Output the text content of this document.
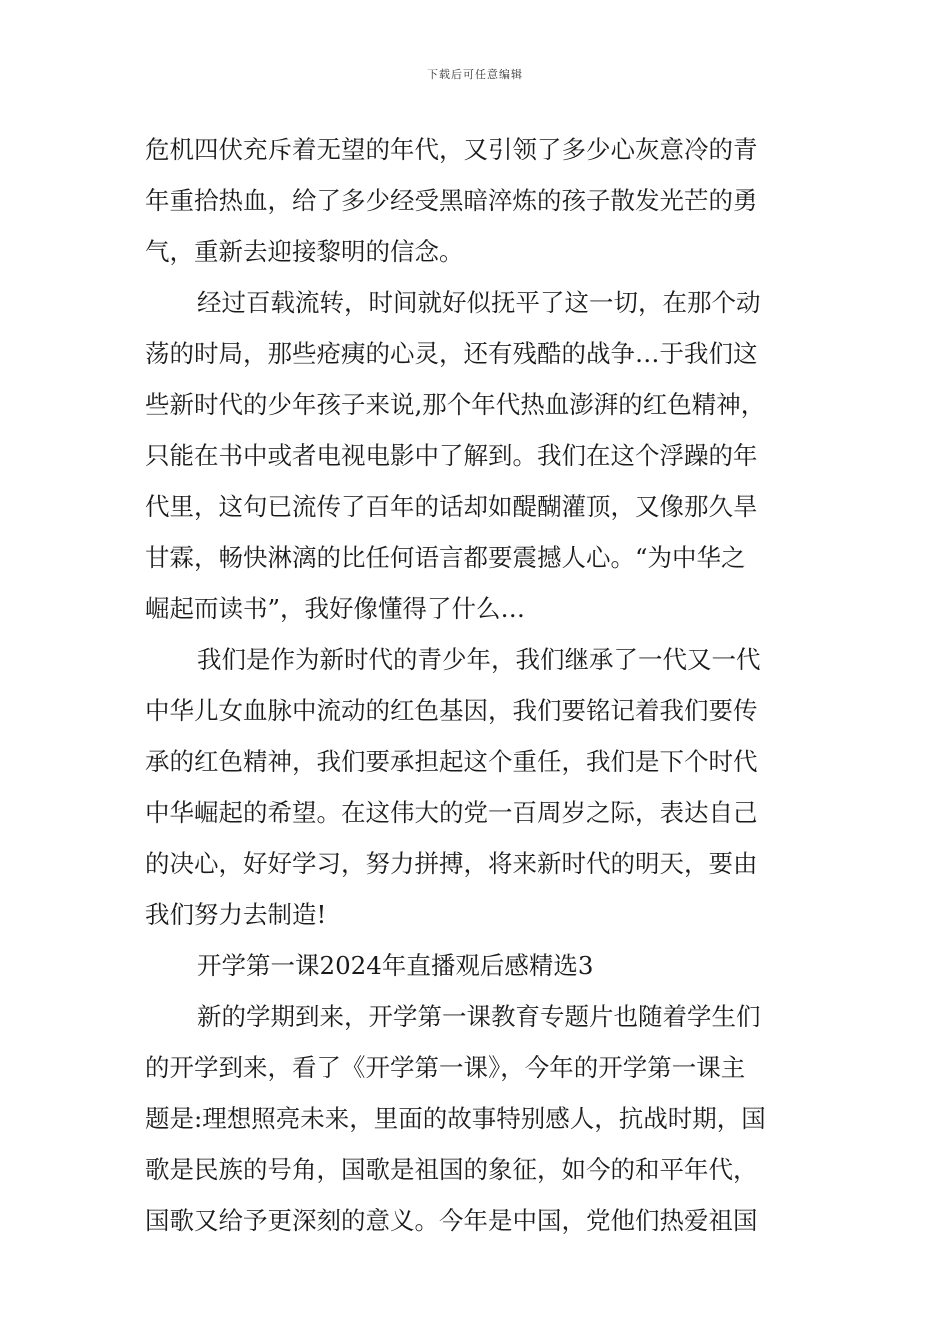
下载后可任意编辑
危机四伏充斥着无望的年代，又引领了多少心灰意冷的青
年重拾热血，给了多少经受黑暗淬炼的孩子散发光芒的勇
气，重新去迎接黎明的信念。
经过百载流转，时间就好似抚平了这一切，在那个动
荡的时局，那些疮痍的心灵，还有残酷的战争…于我们这
些新时代的少年孩子来说,那个年代热血澎湃的红色精神，
只能在书中或者电视电影中了解到。我们在这个浮躁的年
代里，这句已流传了百年的话却如醍醐灌顶，又像那久旱
甘霖，畅快淋漓的比任何语言都要震撼人心。“为中华之
崛起而读书”，我好像懂得了什么…
我们是作为新时代的青少年，我们继承了一代又一代
中华儿女血脉中流动的红色基因，我们要铭记着我们要传
承的红色精神，我们要承担起这个重任，我们是下个时代
中华崛起的希望。在这伟大的党一百周岁之际，表达自己
的决心，好好学习，努力拼搏，将来新时代的明天，要由
我们努力去制造!
开学第一课2024年直播观后感精选3
新的学期到来，开学第一课教育专题片也随着学生们
的开学到来，看了《开学第一课》，今年的开学第一课主
题是:理想照亮未来，里面的故事特别感人，抗战时期，国
歌是民族的号角，国歌是祖国的象征，如今的和平年代，
国歌又给予更深刻的意义。今年是中国，党他们热爱祖国
